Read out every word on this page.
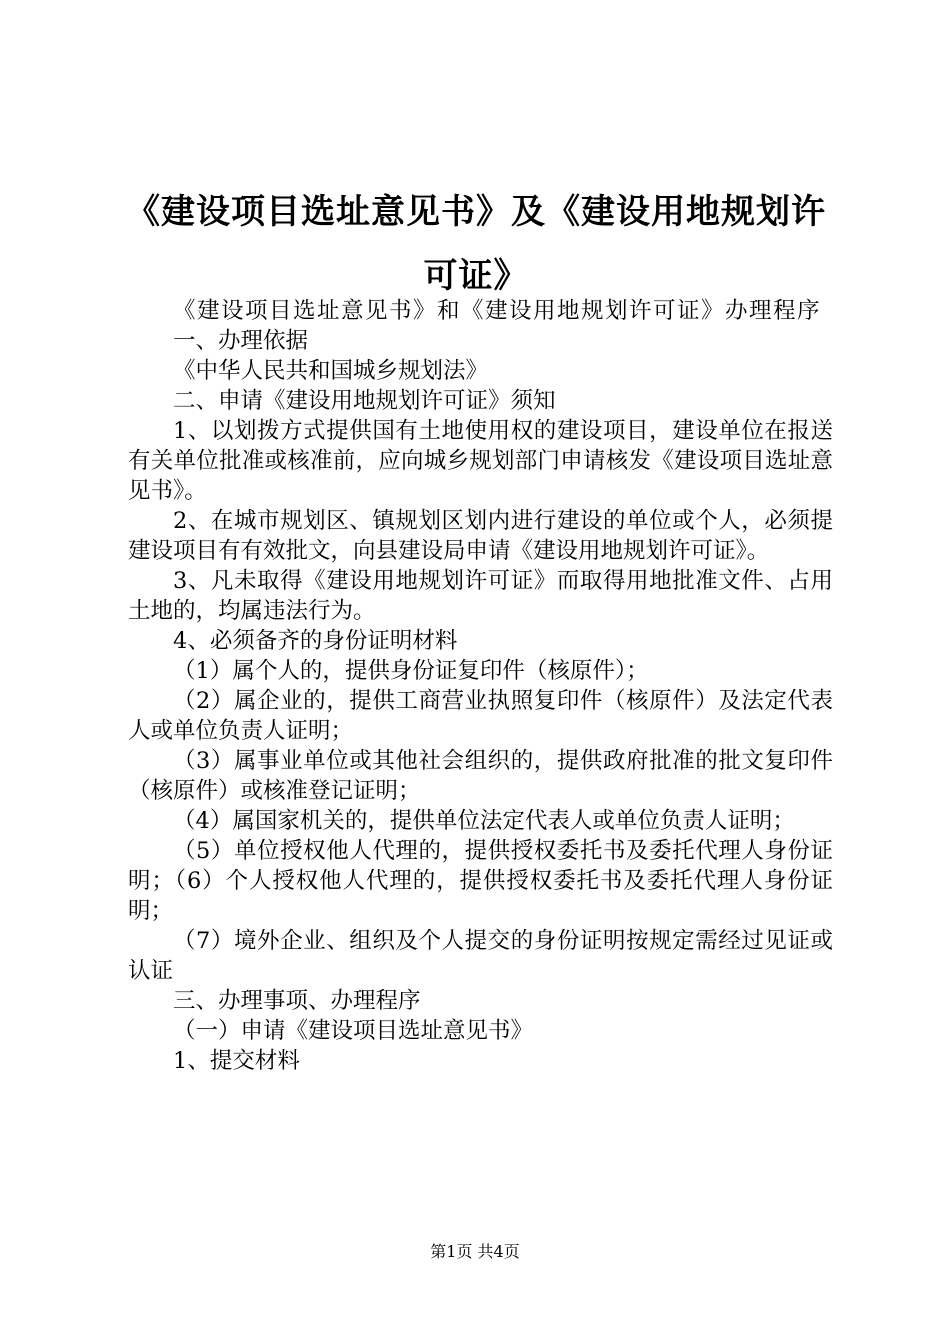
《建设项目选址意见书》及《建设用地规划许
可证》

《建设项目选址意见书》和《建设用地规划许可证》办理程序

一、办理依据

《中华人民共和国城乡规划法》

二、申请《建设用地规划许可证》须知

1、以划拨方式提供国有土地使用权的建设项目，建设单位在报送有关单位批准或核准前，应向城乡规划部门申请核发《建设项目选址意见书》。

2、在城市规划区、镇规划区划内进行建设的单位或个人，必须提建设项目有有效批文，向县建设局申请《建设用地规划许可证》。

3、凡未取得《建设用地规划许可证》而取得用地批准文件、占用土地的，均属违法行为。

4、必须备齐的身份证明材料

（1）属个人的，提供身份证复印件（核原件）；

（2）属企业的，提供工商营业执照复印件（核原件）及法定代表人或单位负责人证明；

（3）属事业单位或其他社会组织的，提供政府批准的批文复印件（核原件）或核准登记证明；

（4）属国家机关的，提供单位法定代表人或单位负责人证明；

（5）单位授权他人代理的，提供授权委托书及委托代理人身份证明；（6）个人授权他人代理的，提供授权委托书及委托代理人身份证明；

（7）境外企业、组织及个人提交的身份证明按规定需经过见证或认证

三、办理事项、办理程序

（一）申请《建设项目选址意见书》

1、提交材料

第1页 共4页
